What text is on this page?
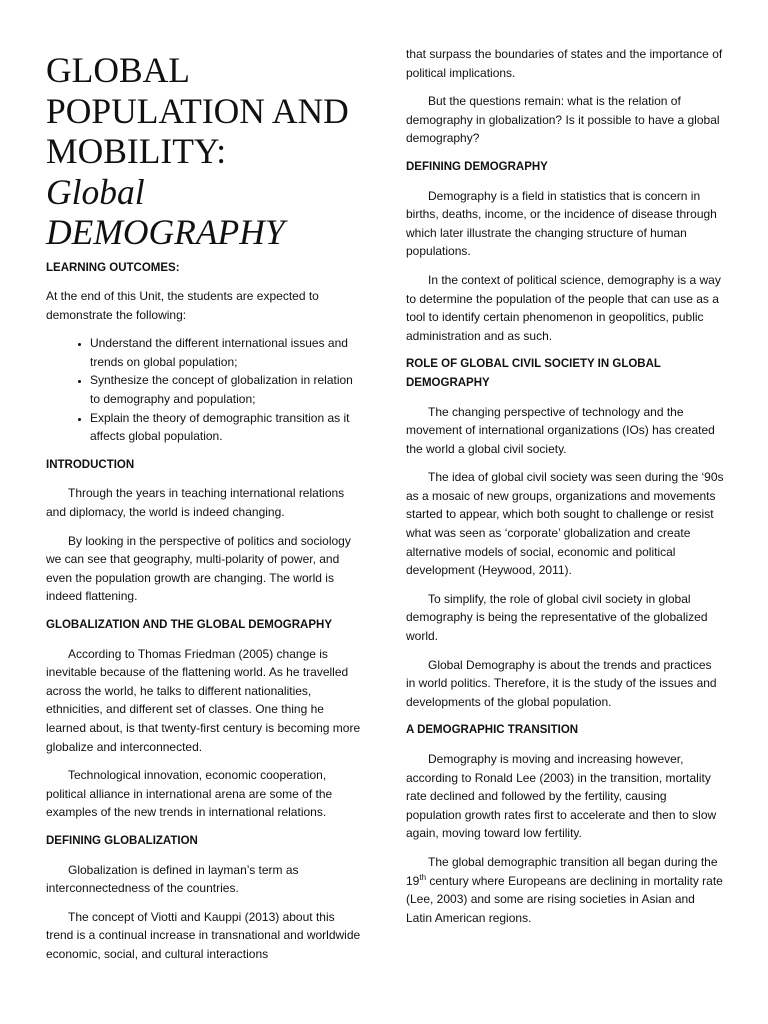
GLOBAL
POPULATION AND
MOBILITY:
Global
DEMOGRAPHY
LEARNING OUTCOMES:

At the end of this Unit, the students are expected to demonstrate the following:

• Understand the different international issues and trends on global population;
• Synthesize the concept of globalization in relation to demography and population;
• Explain the theory of demographic transition as it affects global population.
INTRODUCTION

Through the years in teaching international relations and diplomacy, the world is indeed changing.

By looking in the perspective of politics and sociology we can see that geography, multi-polarity of power, and even the population growth are changing. The world is indeed flattening.

GLOBALIZATION AND THE GLOBAL DEMOGRAPHY

According to Thomas Friedman (2005) change is inevitable because of the flattening world. As he travelled across the world, he talks to different nationalities, ethnicities, and different set of classes. One thing he learned about, is that twenty-first century is becoming more globalize and interconnected.

Technological innovation, economic cooperation, political alliance in international arena are some of the examples of the new trends in international relations.

DEFINING GLOBALIZATION

Globalization is defined in layman’s term as interconnectedness of the countries.

The concept of Viotti and Kauppi (2013) about this trend is a continual increase in transnational and worldwide economic, social, and cultural interactions

that surpass the boundaries of states and the importance of political implications.

But the questions remain: what is the relation of demography in globalization? Is it possible to have a global demography?

DEFINING DEMOGRAPHY

Demography is a field in statistics that is concern in births, deaths, income, or the incidence of disease through which later illustrate the changing structure of human populations.

In the context of political science, demography is a way to determine the population of the people that can use as a tool to identify certain phenomenon in geopolitics, public administration and as such.

ROLE OF GLOBAL CIVIL SOCIETY IN GLOBAL DEMOGRAPHY

The changing perspective of technology and the movement of international organizations (IOs) has created the world a global civil society.

The idea of global civil society was seen during the ‘90s as a mosaic of new groups, organizations and movements started to appear, which both sought to challenge or resist what was seen as ‘corporate’ globalization and create alternative models of social, economic and political development (Heywood, 2011).

To simplify, the role of global civil society in global demography is being the representative of the globalized world.

Global Demography is about the trends and practices in world politics. Therefore, it is the study of the issues and developments of the global population.

A DEMOGRAPHIC TRANSITION

Demography is moving and increasing however, according to Ronald Lee (2003) in the transition, mortality rate declined and followed by the fertility, causing population growth rates first to accelerate and then to slow again, moving toward low fertility.

The global demographic transition all began during the 19th century where Europeans are declining in mortality rate (Lee, 2003) and some are rising societies in Asian and Latin American regions.
